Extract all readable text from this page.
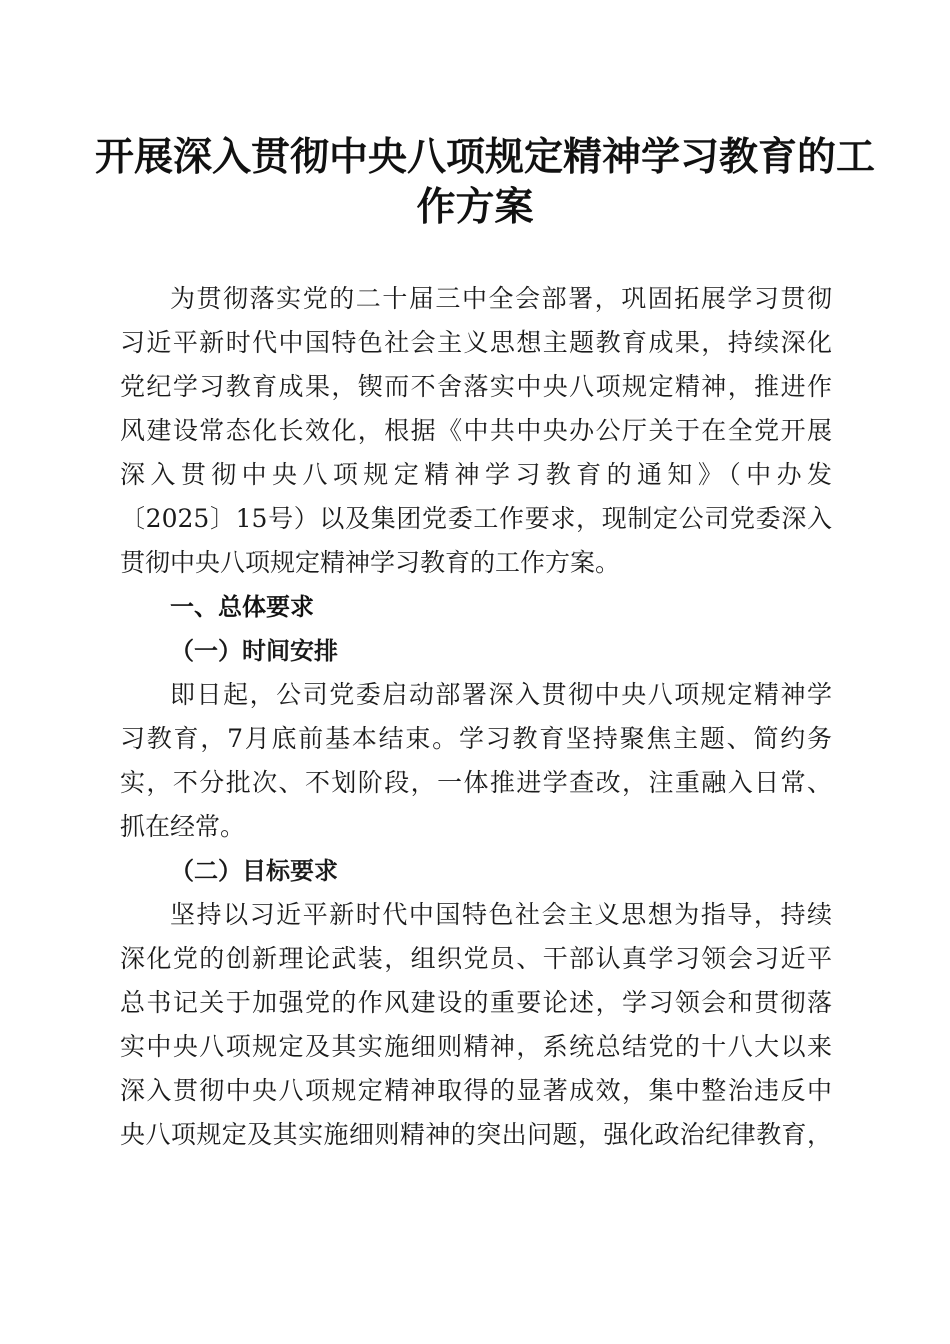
开展深入贯彻中央八项规定精神学习教育的工
作方案
为贯彻落实党的二十届三中全会部署，巩固拓展学习贯彻
习近平新时代中国特色社会主义思想主题教育成果，持续深化
党纪学习教育成果，锲而不舍落实中央八项规定精神，推进作
风建设常态化长效化，根据《中共中央办公厅关于在全党开展
深入贯彻中央八项规定精神学习教育的通知》（中办发
〔2025〕15号）以及集团党委工作要求，现制定公司党委深入
贯彻中央八项规定精神学习教育的工作方案。
一、总体要求
（一）时间安排
即日起，公司党委启动部署深入贯彻中央八项规定精神学
习教育，7月底前基本结束。学习教育坚持聚焦主题、简约务
实，不分批次、不划阶段，一体推进学查改，注重融入日常、
抓在经常。
（二）目标要求
坚持以习近平新时代中国特色社会主义思想为指导，持续
深化党的创新理论武装，组织党员、干部认真学习领会习近平
总书记关于加强党的作风建设的重要论述，学习领会和贯彻落
实中央八项规定及其实施细则精神，系统总结党的十八大以来
深入贯彻中央八项规定精神取得的显著成效，集中整治违反中
央八项规定及其实施细则精神的突出问题，强化政治纪律教育，
